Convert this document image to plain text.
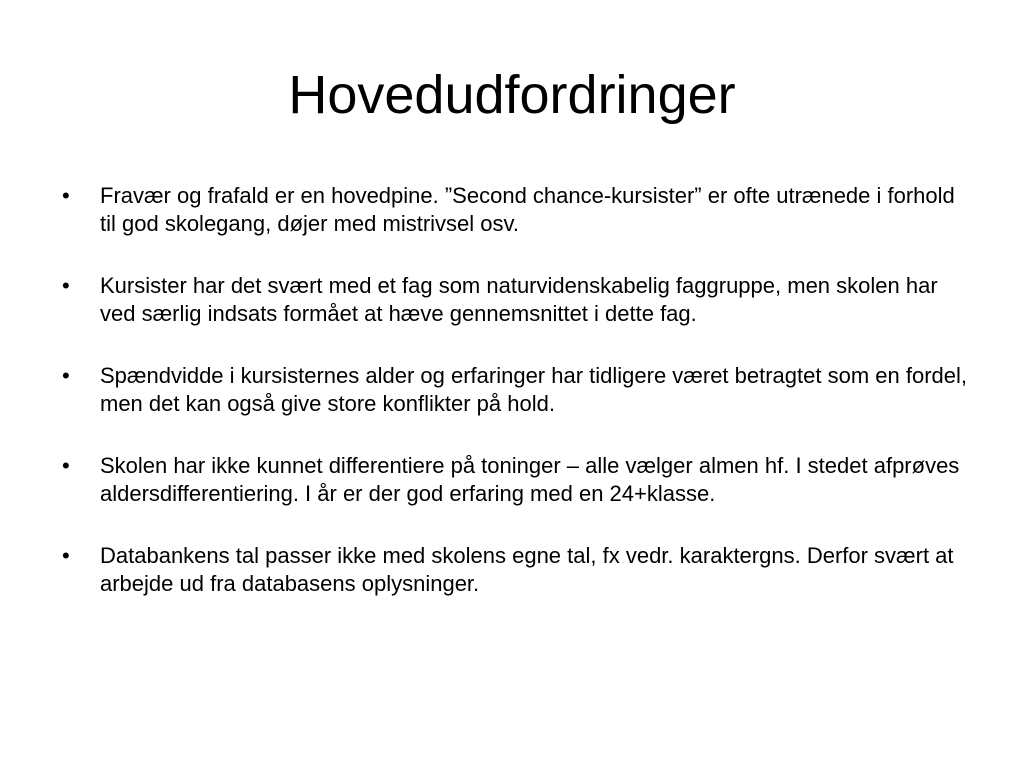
Hovedudfordringer
•	Fravær og frafald er en hovedpine. ”Second chance-kursister” er ofte utrænede i forhold til god skolegang, døjer med mistrivsel osv.
•	Kursister har det svært med et fag som naturvidenskabelig faggruppe, men skolen har ved særlig indsats formået at hæve gennemsnittet i dette fag.
•	Spændvidde i kursisternes alder og erfaringer har tidligere været betragtet som en fordel, men det kan også give store konflikter på hold.
•	Skolen har ikke kunnet differentiere på toninger – alle vælger almen hf. I stedet afprøves aldersdifferentiering. I år er der god erfaring med en 24+klasse.
•	Databankens tal passer ikke med skolens egne tal, fx vedr. karaktergns. Derfor svært at arbejde ud fra databasens oplysninger.
